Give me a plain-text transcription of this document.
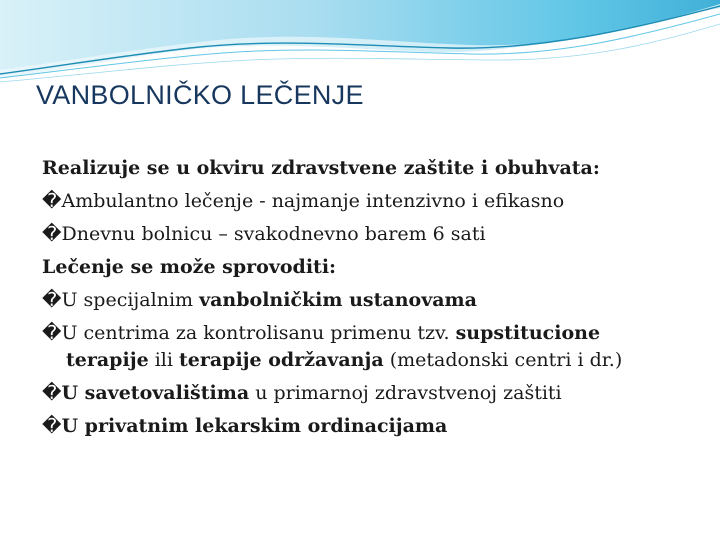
VANBOLNIČKO LEČENJE
Realizuje se u okviru zdravstvene zaštite i obuhvata:
�Ambulantno lečenje - najmanje intenzivno i efikasno
�Dnevnu bolnicu – svakodnevno barem 6 sati
Lečenje se može sprovoditi:
�U specijalnim vanbolničkim ustanovama
�U centrima za kontrolisanu primenu tzv. supstitucione
terapije ili terapije održavanja (metadonski centri i dr.)
�U savetovalištima u primarnoj zdravstvenoj zaštiti
�U privatnim lekarskim ordinacijama
